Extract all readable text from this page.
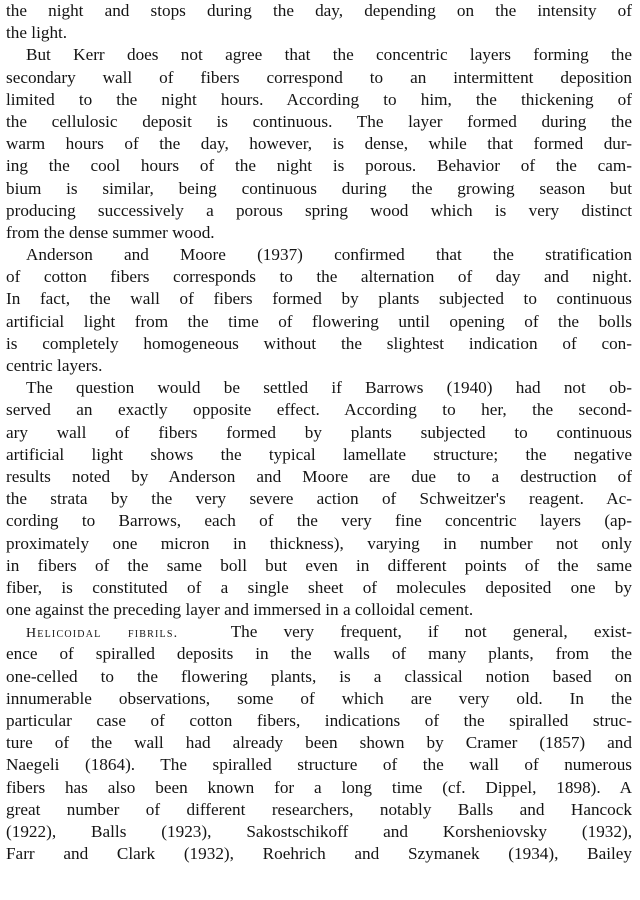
the night and stops during the day, depending on the intensity of
the light.
But Kerr does not agree that the concentric layers forming the
secondary wall of fibers correspond to an intermittent deposition
limited to the night hours. According to him, the thickening of
the cellulosic deposit is continuous. The layer formed during the
warm hours of the day, however, is dense, while that formed dur-
ing the cool hours of the night is porous. Behavior of the cam-
bium is similar, being continuous during the growing season but
producing successively a porous spring wood which is very distinct
from the dense summer wood.
Anderson and Moore (1937) confirmed that the stratification
of cotton fibers corresponds to the alternation of day and night.
In fact, the wall of fibers formed by plants subjected to continuous
artificial light from the time of flowering until opening of the bolls
is completely homogeneous without the slightest indication of con-
centric layers.
The question would be settled if Barrows (1940) had not ob-
served an exactly opposite effect. According to her, the second-
ary wall of fibers formed by plants subjected to continuous
artificial light shows the typical lamellate structure; the negative
results noted by Anderson and Moore are due to a destruction of
the strata by the very severe action of Schweitzer's reagent. Ac-
cording to Barrows, each of the very fine concentric layers (ap-
proximately one micron in thickness), varying in number not only
in fibers of the same boll but even in different points of the same
fiber, is constituted of a single sheet of molecules deposited one by
one against the preceding layer and immersed in a colloidal cement.
Helicoidal fibrils.	The very frequent, if not general, exist-
ence of spiralled deposits in the walls of many plants, from the
one-celled to the flowering plants, is a classical notion based on
innumerable observations, some of which are very old. In the
particular case of cotton fibers, indications of the spiralled struc-
ture of the wall had already been shown by Cramer (1857) and
Naegeli (1864). The spiralled structure of the wall of numerous
fibers has also been known for a long time (cf. Dippel, 1898). A
great number of different researchers, notably Balls and Hancock
(1922), Balls (1923), Sakostschikoff and Korsheniovsky (1932),
Farr and Clark (1932), Roehrich and Szymanek (1934), Bailey
